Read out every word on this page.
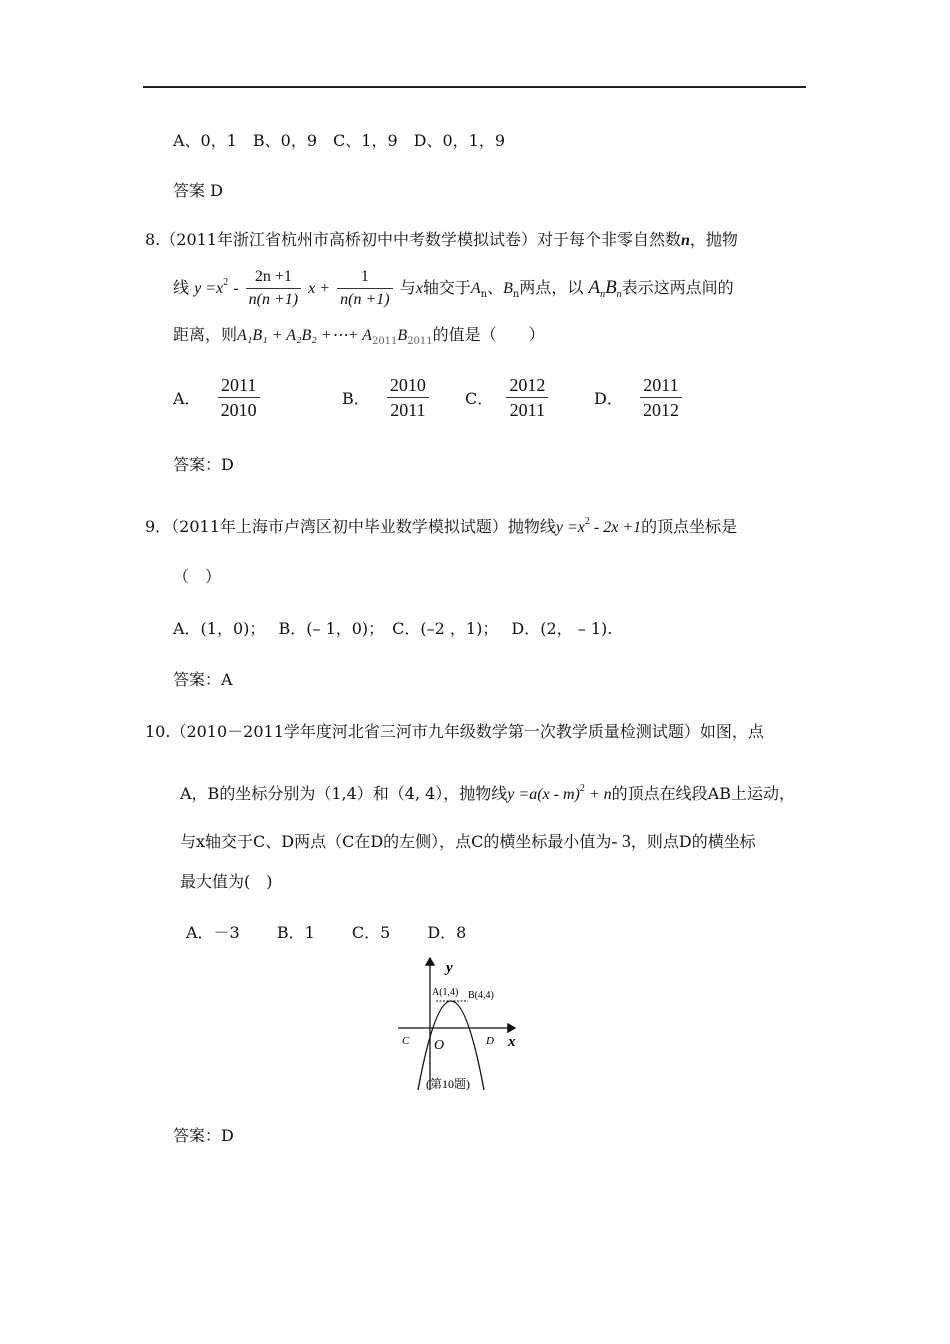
A、0，1　B、0，9　C、1，9　D、0，1，9
答案 D
8.（2011年浙江省杭州市高桥初中中考数学模拟试卷）对于每个非零自然数n，抛物
线 $y =x^2 - \frac{2n +1}{n(n +1)}$ $x + \frac{1}{n(n +1)}$ 与x轴交于$A_n$、$B_n$两点，以 $A_nB_n$表示这两点间的
距离，则A₁B₁ + A₂B₂ +⋯+ $A_{2011}B_{2011}$的值是（　　）
A． $\frac{2011}{2010}$	B． $\frac{2010}{2011}$ C． $\frac{2012}{2011}$	D． $\frac{2011}{2012}$
答案：D
9．（2011年上海市卢湾区初中毕业数学模拟试题）抛物线$y =x^2 - 2x +1$的顶点坐标是
（　）
A．(1，0)；　 B．(– 1，0)；　C．(–2 ，1)；　 D．(2， – 1).
答案：A
10.（2010－2011学年度河北省三河市九年级数学第一次教学质量检测试题）如图，点
A，B的坐标分别为（1,4）和（4, 4），抛物线y =a(x - m)$^2$ + n的顶点在线段AB上运动，
与x轴交于C、D两点（C在D的左侧），点C的横坐标最小值为- 3，则点D的横坐标
最大值为(　)
A．－3　　 B．1　　 C．5　　 D．8
y
x
A(1,4) B(4,4)
C	D
O
(第10题)
答案：D
